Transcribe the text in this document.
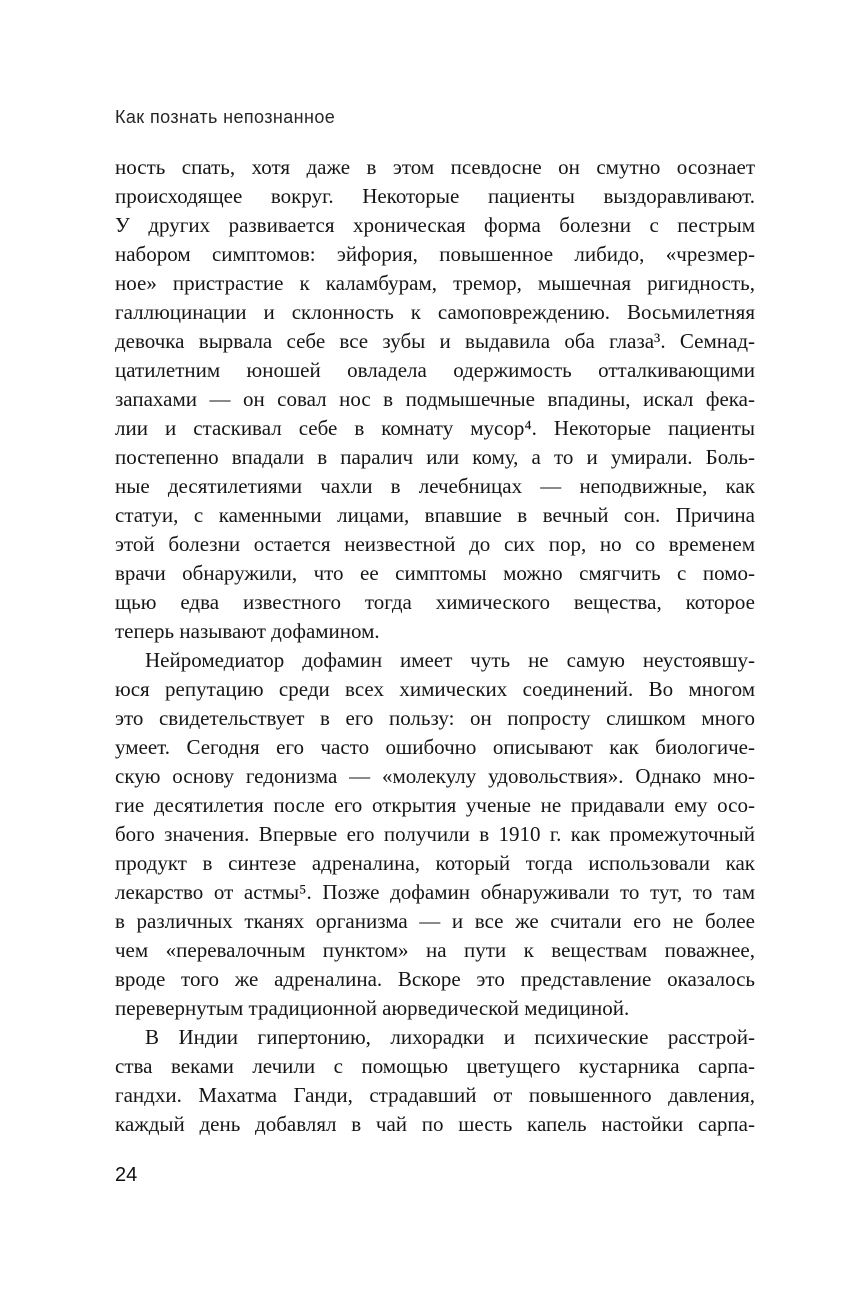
Как познать непознанное
ность спать, хотя даже в этом псевдосне он смутно осознает
происходящее вокруг. Некоторые пациенты выздоравливают.
У других развивается хроническая форма болезни с пестрым
набором симптомов: эйфория, повышенное либидо, «чрезмер-
ное» пристрастие к каламбурам, тремор, мышечная ригидность,
галлюцинации и склонность к самоповреждению. Восьмилетняя
девочка вырвала себе все зубы и выдавила оба глаза³. Семнад-
цатилетним юношей овладела одержимость отталкивающими
запахами — он совал нос в подмышечные впадины, искал фека-
лии и стаскивал себе в комнату мусор⁴. Некоторые пациенты
постепенно впадали в паралич или кому, а то и умирали. Боль-
ные десятилетиями чахли в лечебницах — неподвижные, как
статуи, с каменными лицами, впавшие в вечный сон. Причина
этой болезни остается неизвестной до сих пор, но со временем
врачи обнаружили, что ее симптомы можно смягчить с помо-
щью едва известного тогда химического вещества, которое
теперь называют дофамином.
Нейромедиатор дофамин имеет чуть не самую неустоявшу-
юся репутацию среди всех химических соединений. Во многом
это свидетельствует в его пользу: он попросту слишком много
умеет. Сегодня его часто ошибочно описывают как биологиче-
скую основу гедонизма — «молекулу удовольствия». Однако мно-
гие десятилетия после его открытия ученые не придавали ему осо-
бого значения. Впервые его получили в 1910 г. как промежуточный
продукт в синтезе адреналина, который тогда использовали как
лекарство от астмы⁵. Позже дофамин обнаруживали то тут, то там
в различных тканях организма — и все же считали его не более
чем «перевалочным пунктом» на пути к веществам поважнее,
вроде того же адреналина. Вскоре это представление оказалось
перевернутым традиционной аюрведической медициной.
В Индии гипертонию, лихорадки и психические расстрой-
ства веками лечили с помощью цветущего кустарника сарпа-
гандхи. Махатма Ганди, страдавший от повышенного давления,
каждый день добавлял в чай по шесть капель настойки сарпа-
24
